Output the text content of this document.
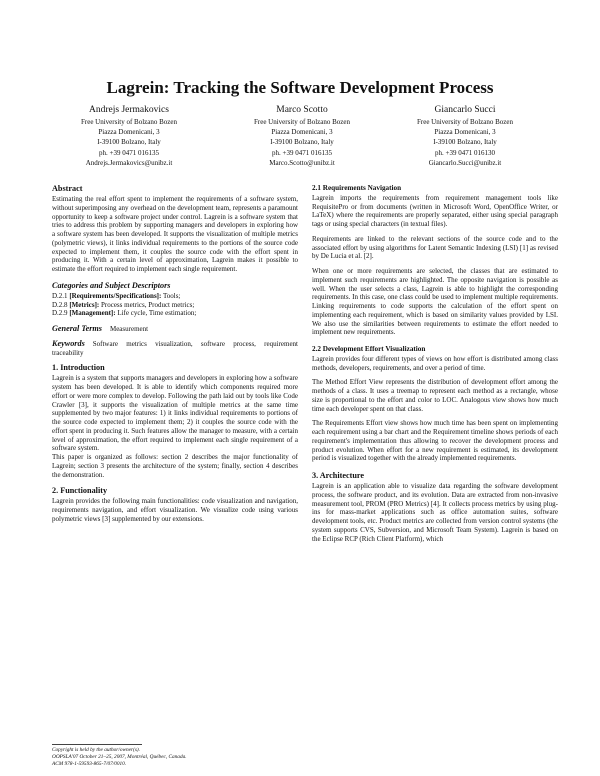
Lagrein: Tracking the Software Development Process
Andrejs Jermakovics
Free University of Bolzano Bozen
Piazza Domenicani, 3
I-39100 Bolzano, Italy
ph. +39 0471 016135
Andrejs.Jermakovics@unibz.it
Marco Scotto
Free University of Bolzano Bozen
Piazza Domenicani, 3
I-39100 Bolzano, Italy
ph. +39 0471 016135
Marco.Scotto@unibz.it
Giancarlo Succi
Free University of Bolzano Bozen
Piazza Domenicani, 3
I-39100 Bolzano, Italy
ph. +39 0471 016130
Giancarlo.Succi@unibz.it
Abstract

Estimating the real effort spent to implement the requirements of a software system, without superimposing any overhead on the development team, represents a paramount opportunity to keep a software project under control. Lagrein is a software system that tries to address this problem by supporting managers and developers in exploring how a software system has been developed. It supports the visualization of multiple metrics (polymetric views), it links individual requirements to the portions of the source code expected to implement them, it couples the source code with the effort spent in producing it. With a certain level of approximation, Lagrein makes it possible to estimate the effort required to implement each single requirement.

Categories and Subject Descriptors
D.2.1 [Requirements/Specifications]: Tools;
D.2.8 [Metrics]: Process metrics, Product metrics;
D.2.9 [Management]: Life cycle, Time estimation;

General Terms Measurement

Keywords Software metrics visualization, software process, requirement traceability

1. Introduction

Lagrein is a system that supports managers and developers in exploring how a software system has been developed. It is able to identify which components required more effort or were more complex to develop. Following the path laid out by tools like Code Crawler [3], it supports the visualization of multiple metrics at the same time supplemented by two major features: 1) it links individual requirements to portions of the source code expected to implement them; 2) it couples the source code with the effort spent in producing it. Such features allow the manager to measure, with a certain level of approximation, the effort required to implement each single requirement of a software system.

This paper is organized as follows: section 2 describes the major functionality of Lagrein; section 3 presents the architecture of the system; finally, section 4 describes the demonstration.

2. Functionality

Lagrein provides the following main functionalities: code visualization and navigation, requirements navigation, and effort visualization. We visualize code using various polymetric views [3] supplemented by our extensions.

Copyright is held by the author/owner(s).
OOPSLA'07 October 21–25, 2007, Montréal, Québec, Canada.
ACM 978-1-59593-865-7/07/0010.
2.1 Requirements Navigation

Lagrein imports the requirements from requirement management tools like RequisitePro or from documents (written in Microsoft Word, OpenOffice Writer, or LaTeX) where the requirements are properly separated, either using special paragraph tags or using special characters (in textual files).

Requirements are linked to the relevant sections of the source code and to the associated effort by using algorithms for Latent Semantic Indexing (LSI) [1] as revised by De Lucia et al. [2].

When one or more requirements are selected, the classes that are estimated to implement such requirements are highlighted. The opposite navigation is possible as well. When the user selects a class, Lagrein is able to highlight the corresponding requirements. In this case, one class could be used to implement multiple requirements. Linking requirements to code supports the calculation of the effort spent on implementing each requirement, which is based on similarity values provided by LSI. We also use the similarities between requirements to estimate the effort needed to implement new requirements.

2.2 Development Effort Visualization

Lagrein provides four different types of views on how effort is distributed among class methods, developers, requirements, and over a period of time.

The Method Effort View represents the distribution of development effort among the methods of a class. It uses a treemap to represent each method as a rectangle, whose size is proportional to the effort and color to LOC. Analogous view shows how much time each developer spent on that class.

The Requirements Effort view shows how much time has been spent on implementing each requirement using a bar chart and the Requirement timeline shows periods of each requirement's implementation thus allowing to recover the development process and product evolution. When effort for a new requirement is estimated, its development period is visualized together with the already implemented requirements.

3. Architecture

Lagrein is an application able to visualize data regarding the software development process, the software product, and its evolution. Data are extracted from non-invasive measurement tool, PROM (PRO Metrics) [4]. It collects process metrics by using plug-ins for mass-market applications such as office automation suites, software development tools, etc. Product metrics are collected from version control systems (the system supports CVS, Subversion, and Microsoft Team System). Lagrein is based on the Eclipse RCP (Rich Client Platform), which
